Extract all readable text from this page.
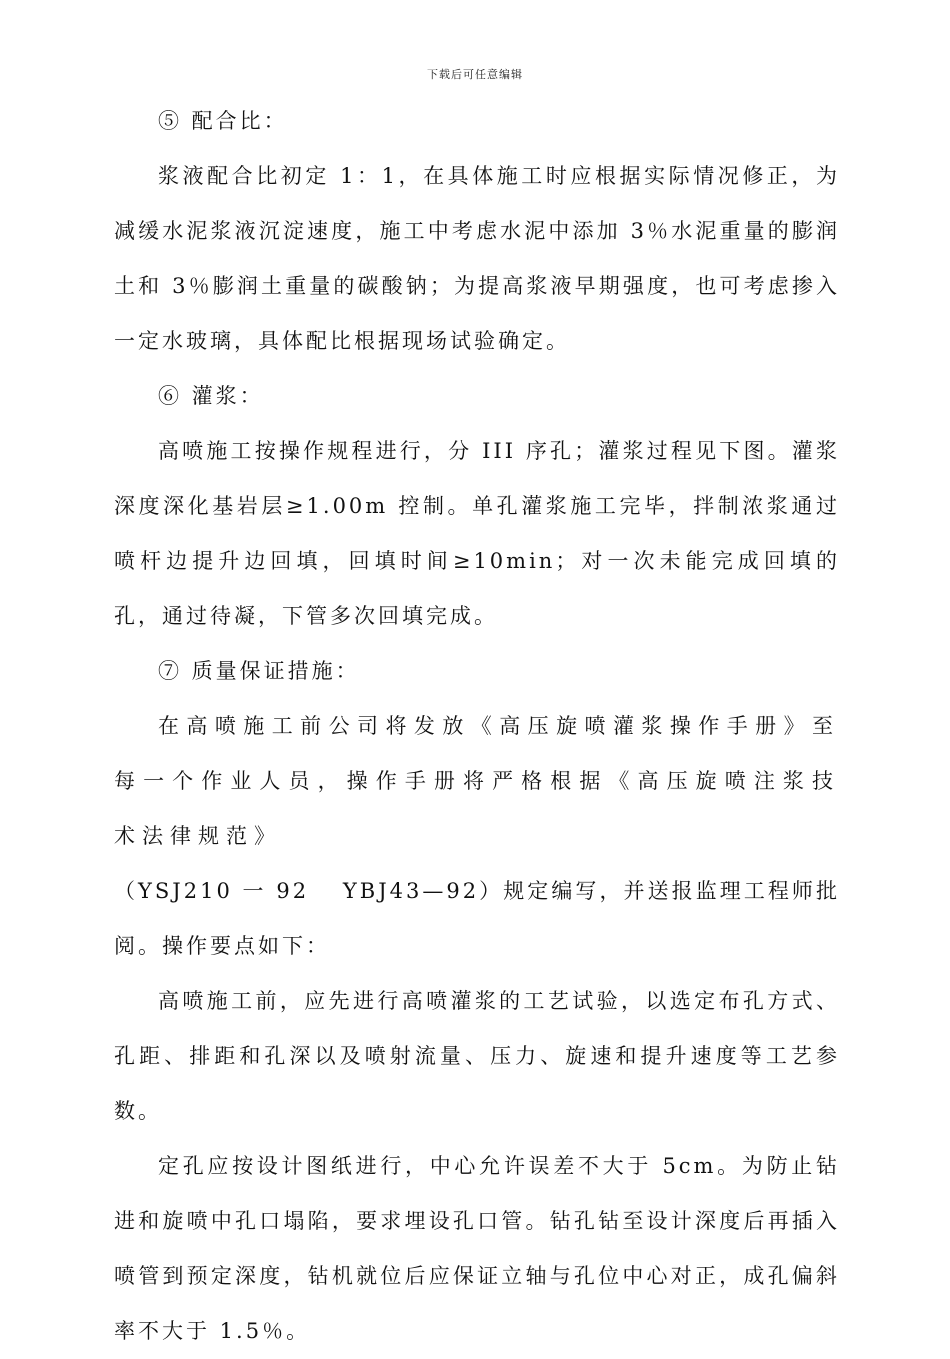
下载后可任意编辑

⑤ 配合比：

浆液配合比初定 1：1，在具体施工时应根据实际情况修正，为减缓水泥浆液沉淀速度，施工中考虑水泥中添加 3％水泥重量的膨润土和 3％膨润土重量的碳酸钠；为提高浆液早期强度，也可考虑掺入一定水玻璃，具体配比根据现场试验确定。

⑥ 灌浆：

高喷施工按操作规程进行，分 III 序孔；灌浆过程见下图。灌浆深度深化基岩层≥1.00m 控制。单孔灌浆施工完毕，拌制浓浆通过喷杆边提升边回填，回填时间≥10min；对一次未能完成回填的孔，通过待凝，下管多次回填完成。

⑦ 质量保证措施：

在高喷施工前公司将发放《高压旋喷灌浆操作手册》至每一个作业人员，操作手册将严格根据《高压旋喷注浆技术法律规范》

（YSJ210 一 92　 YBJ43—92）规定编写，并送报监理工程师批阅。操作要点如下：

高喷施工前，应先进行高喷灌浆的工艺试验，以选定布孔方式、孔距、排距和孔深以及喷射流量、压力、旋速和提升速度等工艺参数。

定孔应按设计图纸进行，中心允许误差不大于 5cm。为防止钻进和旋喷中孔口塌陷，要求埋设孔口管。钻孔钻至设计深度后再插入喷管到预定深度，钻机就位后应保证立轴与孔位中心对正，成孔偏斜率不大于 1.5％。
